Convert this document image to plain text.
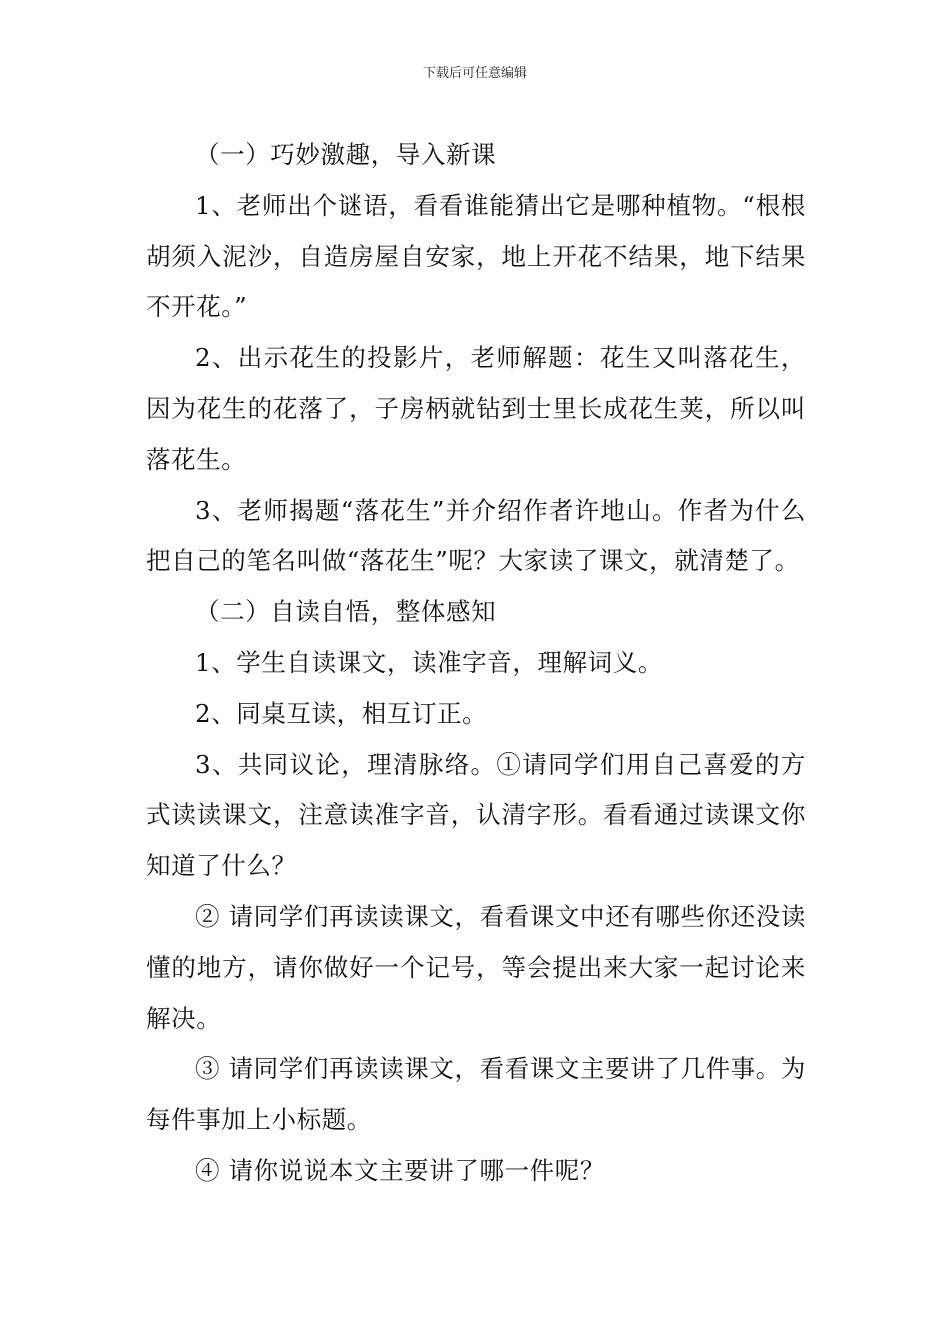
下载后可任意编辑

（一）巧妙激趣，导入新课

1、老师出个谜语，看看谁能猜出它是哪种植物。“根根胡须入泥沙，自造房屋自安家，地上开花不结果，地下结果不开花。”

2、出示花生的投影片，老师解题：花生又叫落花生，因为花生的花落了，子房柄就钻到士里长成花生荚，所以叫落花生。

3、老师揭题“落花生”并介绍作者许地山。作者为什么把自己的笔名叫做“落花生”呢？大家读了课文，就清楚了。

（二）自读自悟，整体感知

1、学生自读课文，读准字音，理解词义。

2、同桌互读，相互订正。

3、共同议论，理清脉络。①请同学们用自己喜爱的方式读读课文，注意读准字音，认清字形。看看通过读课文你知道了什么？

② 请同学们再读读课文，看看课文中还有哪些你还没读懂的地方，请你做好一个记号，等会提出来大家一起讨论来解决。

③ 请同学们再读读课文，看看课文主要讲了几件事。为每件事加上小标题。

④ 请你说说本文主要讲了哪一件呢？
